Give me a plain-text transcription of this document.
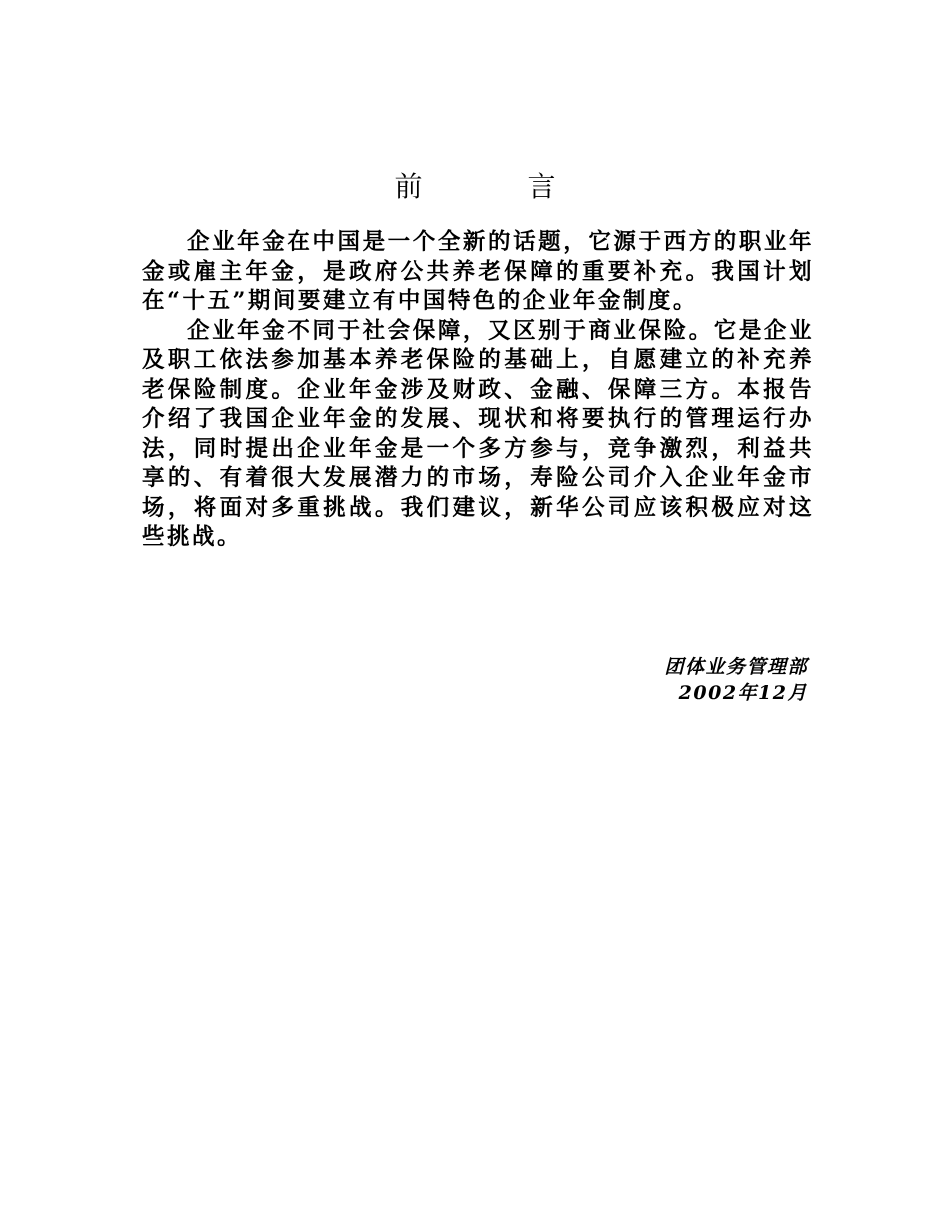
前 言

企业年金在中国是一个全新的话题，它源于西方的职业年金或雇主年金，是政府公共养老保障的重要补充。我国计划在“十五”期间要建立有中国特色的企业年金制度。

企业年金不同于社会保障，又区别于商业保险。它是企业及职工依法参加基本养老保险的基础上，自愿建立的补充养老保险制度。企业年金涉及财政、金融、保障三方。本报告介绍了我国企业年金的发展、现状和将要执行的管理运行办法，同时提出企业年金是一个多方参与，竞争激烈，利益共享的、有着很大发展潜力的市场，寿险公司介入企业年金市场，将面对多重挑战。我们建议，新华公司应该积极应对这些挑战。

团体业务管理部
2002年12月
